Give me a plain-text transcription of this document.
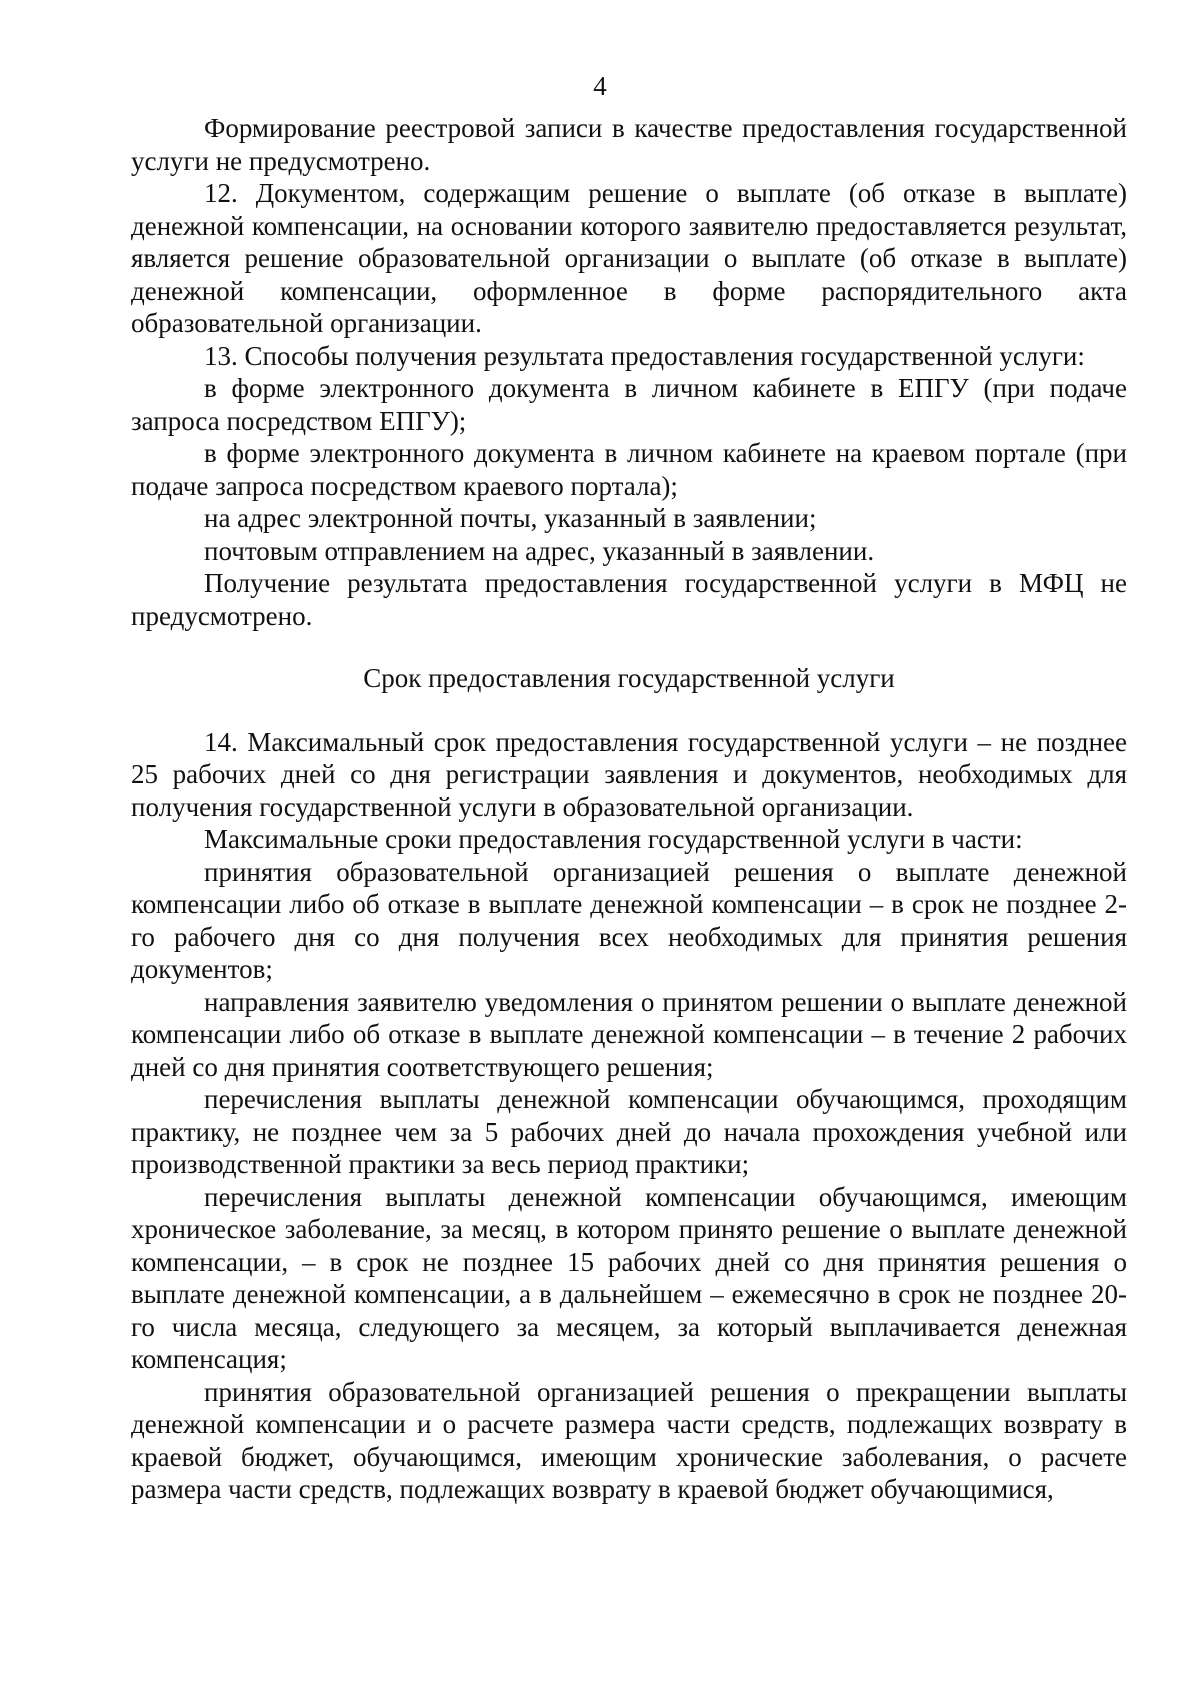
4

Формирование реестровой записи в качестве предоставления государственной услуги не предусмотрено.

12. Документом, содержащим решение о выплате (об отказе в выплате) денежной компенсации, на основании которого заявителю предоставляется результат, является решение образовательной организации о выплате (об отказе в выплате) денежной компенсации, оформленное в форме распорядительного акта образовательной организации.

13. Способы получения результата предоставления государственной услуги:

в форме электронного документа в личном кабинете в ЕПГУ (при подаче запроса посредством ЕПГУ);

в форме электронного документа в личном кабинете на краевом портале (при подаче запроса посредством краевого портала);

на адрес электронной почты, указанный в заявлении;

почтовым отправлением на адрес, указанный в заявлении.

Получение результата предоставления государственной услуги в МФЦ не предусмотрено.

Срок предоставления государственной услуги

14. Максимальный срок предоставления государственной услуги – не позднее 25 рабочих дней со дня регистрации заявления и документов, необходимых для получения государственной услуги в образовательной организации.

Максимальные сроки предоставления государственной услуги в части:

принятия образовательной организацией решения о выплате денежной компенсации либо об отказе в выплате денежной компенсации – в срок не позднее 2-го рабочего дня со дня получения всех необходимых для принятия решения документов;

направления заявителю уведомления о принятом решении о выплате денежной компенсации либо об отказе в выплате денежной компенсации – в течение 2 рабочих дней со дня принятия соответствующего решения;

перечисления выплаты денежной компенсации обучающимся, проходящим практику, не позднее чем за 5 рабочих дней до начала прохождения учебной или производственной практики за весь период практики;

перечисления выплаты денежной компенсации обучающимся, имеющим хроническое заболевание, за месяц, в котором принято решение о выплате денежной компенсации, – в срок не позднее 15 рабочих дней со дня принятия решения о выплате денежной компенсации, а в дальнейшем – ежемесячно в срок не позднее 20-го числа месяца, следующего за месяцем, за который выплачивается денежная компенсация;

принятия образовательной организацией решения о прекращении выплаты денежной компенсации и о расчете размера части средств, подлежащих возврату в краевой бюджет, обучающимся, имеющим хронические заболевания, о расчете размера части средств, подлежащих возврату в краевой бюджет обучающимися,
